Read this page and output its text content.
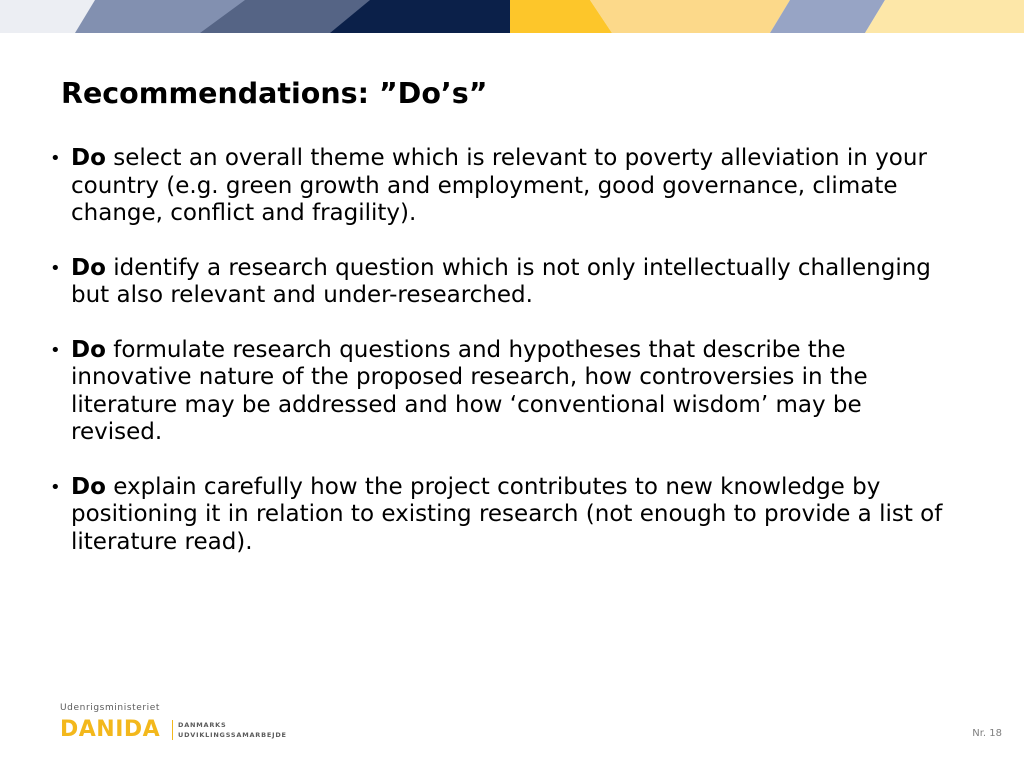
Recommendations: ”Do’s”
• Do select an overall theme which is relevant to poverty alleviation in your country (e.g. green growth and employment, good governance, climate change, conflict and fragility).
• Do identify a research question which is not only intellectually challenging but also relevant and under-researched.
• Do formulate research questions and hypotheses that describe the innovative nature of the proposed research, how controversies in the literature may be addressed and how ‘conventional wisdom’ may be revised.
• Do explain carefully how the project contributes to new knowledge by positioning it in relation to existing research (not enough to provide a list of literature read).
Udenrigsministeriet
DANIDA	DANMARKS
UDVIKLINGSSAMARBEJDE	Nr. 18
